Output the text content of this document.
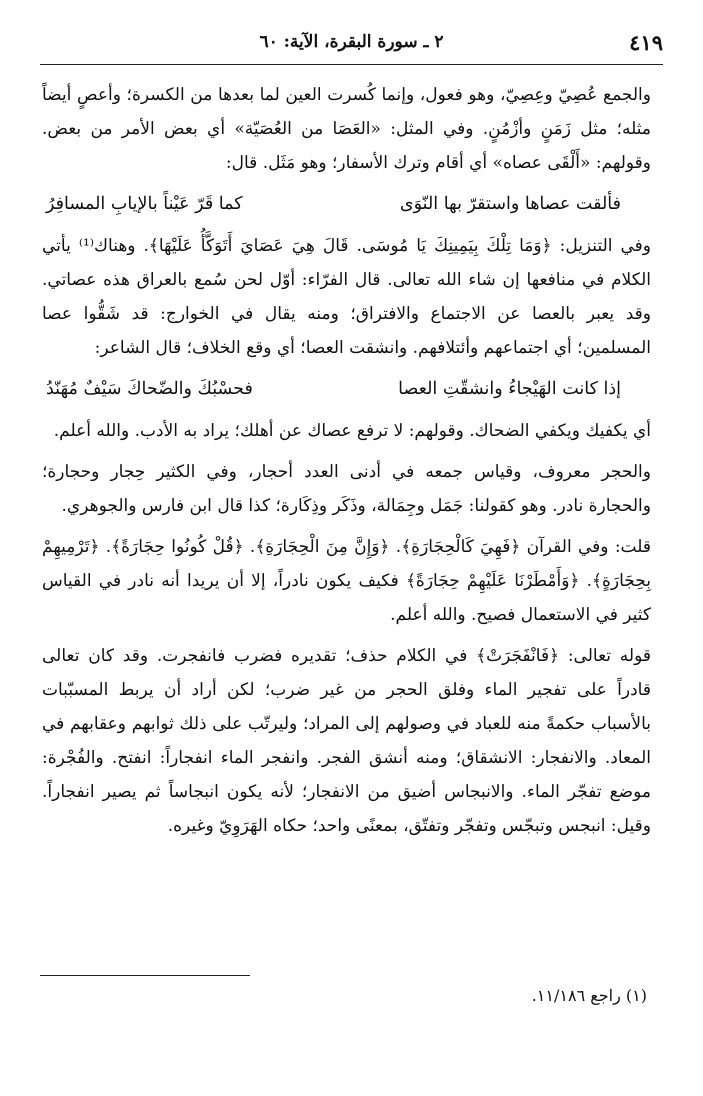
٤١٩
٢ ـ سورة البقرة، الآية: ٦٠

والجمع عُصِيّ وعِصِيّ، وهو فعول، وإنما كُسرت العين لما بعدها من الكسرة؛ وأعصٍ أيضاً مثله؛ مثل زَمَنٍ وأزْمُنٍ. وفي المثل: «العَصَا من العُصَيّة» أي بعض الأمر من بعض. وقولهم: «أَلْقَى عصاه» أي أقام وترك الأسفار؛ وهو مَثَل. قال:

فألقت عصاها واستقرّ بها النّوَى
كما قَرّ عَيْناً بالإيابِ المسافِرُ

وفي التنزيل: ﴿وَمَا تِلْكَ بِيَمِينِكَ يَا مُوسَى. قَالَ هِيَ عَصَايَ أَتَوَكَّأُ عَلَيْهَا﴾. وهناك⁽¹⁾ يأتي الكلام في منافعها إن شاء الله تعالى. قال الفرّاء: أوّل لحن سُمع بالعراق هذه عصاتي. وقد يعبر بالعصا عن الاجتماع والافتراق؛ ومنه يقال في الخوارج: قد شَقُّوا عصا المسلمين؛ أي اجتماعهم وأئتلافهم. وانشقت العصا؛ أي وقع الخلاف؛ قال الشاعر:

إذا كانت الهَيْجاءُ وانشقّتِ العصا
فحسْبُكَ والضّحاكَ سَيْفٌ مُهَنّدُ

أي يكفيك ويكفي الضحاك. وقولهم: لا ترفع عصاك عن أهلك؛ يراد به الأدب. والله أعلم.

والحجر معروف، وقياس جمعه في أدنى العدد أحجار، وفي الكثير حِجار وحجارة؛ والحجارة نادر. وهو كقولنا: جَمَل وجِمَالة، وذَكَر وذِكَارة؛ كذا قال ابن فارس والجوهري.

قلت: وفي القرآن ﴿فَهِيَ كَالْحِجَارَةِ﴾. ﴿وَإِنَّ مِنَ الْحِجَارَةِ﴾. ﴿قُلْ كُونُوا حِجَارَةً﴾. ﴿تَرْمِيهِمْ بِحِجَارَةٍ﴾. ﴿وَأَمْطَرْنَا عَلَيْهِمْ حِجَارَةً﴾ فكيف يكون نادراً، إلا أن يريدا أنه نادر في القياس كثير في الاستعمال فصيح. والله أعلم.

قوله تعالى: ﴿فَانْفَجَرَتْ﴾ في الكلام حذف؛ تقديره فضرب فانفجرت. وقد كان تعالى قادراً على تفجير الماء وفلق الحجر من غير ضرب؛ لكن أراد أن يربط المسبّبات بالأسباب حكمةً منه للعباد في وصولهم إلى المراد؛ وليرتّب على ذلك ثوابهم وعقابهم في المعاد. والانفجار: الانشقاق؛ ومنه أنشق الفجر. وانفجر الماء انفجاراً: انفتح. والفُجْرة: موضع تفجّر الماء. والانبجاس أضيق من الانفجار؛ لأنه يكون انبجاساً ثم يصير انفجاراً. وقيل: انبجس وتبجّس وتفجّر وتفتّق، بمعنًى واحد؛ حكاه الهَرَوِيّ وغيره.

(١) راجع ١١/١٨٦.
